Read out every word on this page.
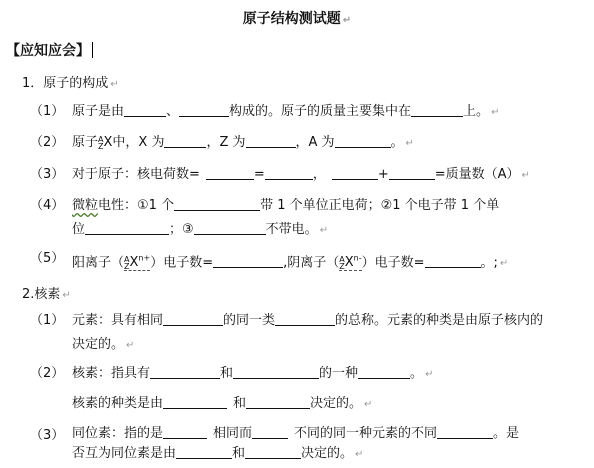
原子结构测试题 ↵
【应知应会】
1．原子的构成 ↵
（1） 原子是由	、	构成的。原子的质量主要集中在	上。 ↵
（2） 原子A
ZX中，X 为	，Z 为	，A 为	。 ↵
（3） 对于原子：核电荷数=	=	，	+	=质量数（A） ↵
（4） 微粒电性：①1 个	带 1 个单位正电荷；②1 个电子带 1 个单
位	；③	不带电。 ↵
（5） 阳离子（A
$ZX^{n+}$）电子数=	,阴离子（A
$ZX^{n-}$）电子数=	。; ↵
2.核素 ↵
（1） 元素：具有相同	的同一类	的总称。元素的种类是由原子核内的
决定的。 ↵
（2） 核素：指具有	和	的一种	。 ↵
核素的种类是由	和	决定的。 ↵
（3） 同位素：指的是	相同而	不同的同一种元素的不同	。是
否互为同位素是由	和	决定的。 ↵
